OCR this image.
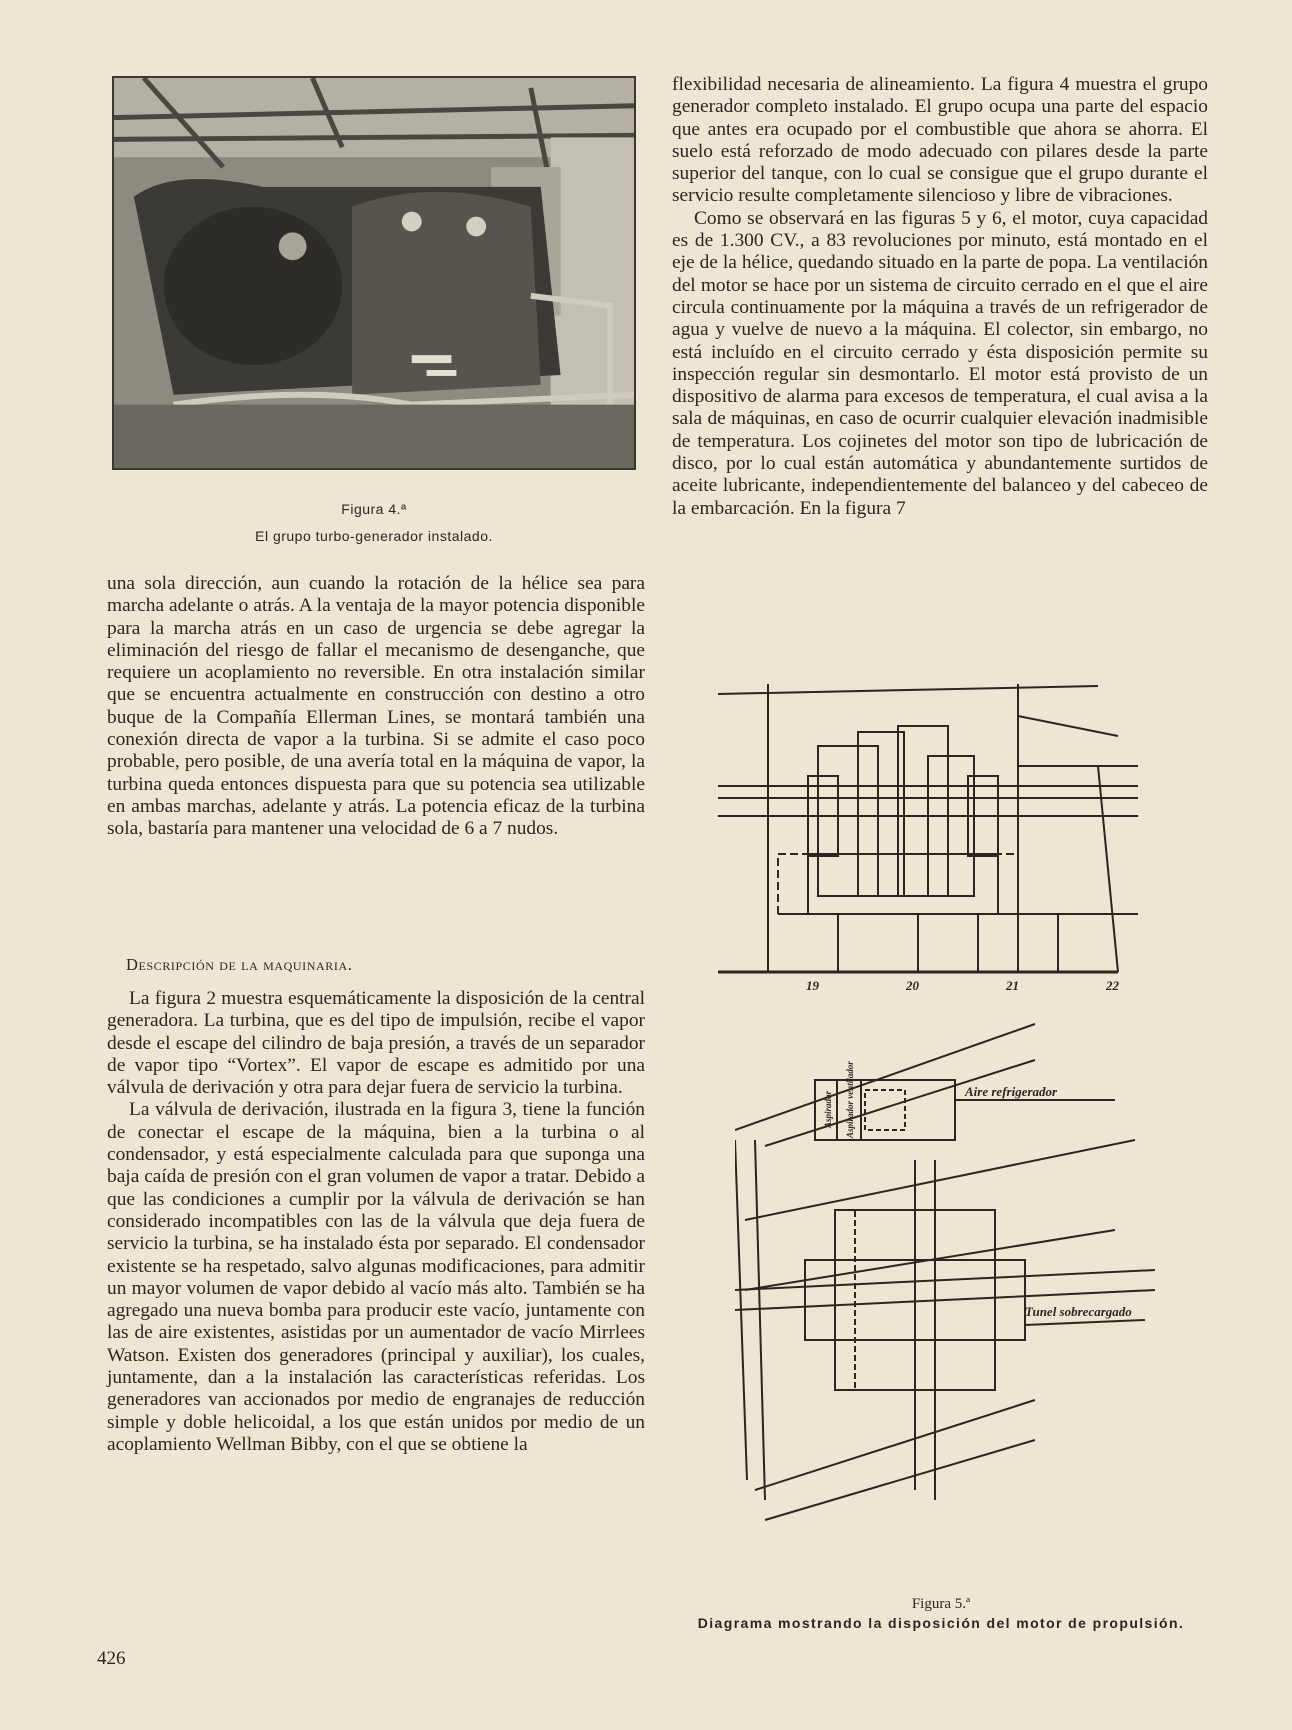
Figura 4.ª
El grupo turbo-generador instalado.

una sola dirección, aun cuando la rotación de la hélice sea para marcha adelante o atrás. A la ventaja de la mayor potencia disponible para la marcha atrás en un caso de urgencia se debe agregar la eliminación del riesgo de fallar el mecanismo de desenganche, que requiere un acoplamiento no reversible. En otra instalación similar que se encuentra actualmente en construcción con destino a otro buque de la Compañía Ellerman Lines, se montará también una conexión directa de vapor a la turbina. Si se admite el caso poco probable, pero posible, de una avería total en la máquina de vapor, la turbina queda entonces dispuesta para que su potencia sea utilizable en ambas marchas, adelante y atrás. La potencia eficaz de la turbina sola, bastaría para mantener una velocidad de 6 a 7 nudos.

Descripción de la maquinaria.

La figura 2 muestra esquemáticamente la disposición de la central generadora. La turbina, que es del tipo de impulsión, recibe el vapor desde el escape del cilindro de baja presión, a través de un separador de vapor tipo “Vortex”. El vapor de escape es admitido por una válvula de derivación y otra para dejar fuera de servicio la turbina.

La válvula de derivación, ilustrada en la figura 3, tiene la función de conectar el escape de la máquina, bien a la turbina o al condensador, y está especialmente calculada para que suponga una baja caída de presión con el gran volumen de vapor a tratar. Debido a que las condiciones a cumplir por la válvula de derivación se han considerado incompatibles con las de la válvula que deja fuera de servicio la turbina, se ha instalado ésta por separado. El condensador existente se ha respetado, salvo algunas modificaciones, para admitir un mayor volumen de vapor debido al vacío más alto. También se ha agregado una nueva bomba para producir este vacío, juntamente con las de aire existentes, asistidas por un aumentador de vacío Mirrlees Watson. Existen dos generadores (principal y auxiliar), los cuales, juntamente, dan a la instalación las características referidas. Los generadores van accionados por medio de engranajes de reducción simple y doble helicoidal, a los que están unidos por medio de un acoplamiento Wellman Bibby, con el que se obtiene la

flexibilidad necesaria de alineamiento. La figura 4 muestra el grupo generador completo instalado. El grupo ocupa una parte del espacio que antes era ocupado por el combustible que ahora se ahorra. El suelo está reforzado de modo adecuado con pilares desde la parte superior del tanque, con lo cual se consigue que el grupo durante el servicio resulte completamente silencioso y libre de vibraciones.

Como se observará en las figuras 5 y 6, el motor, cuya capacidad es de 1.300 CV., a 83 revoluciones por minuto, está montado en el eje de la hélice, quedando situado en la parte de popa. La ventilación del motor se hace por un sistema de circuito cerrado en el que el aire circula continuamente por la máquina a través de un refrigerador de agua y vuelve de nuevo a la máquina. El colector, sin embargo, no está incluído en el circuito cerrado y ésta disposición permite su inspección regular sin desmontarlo. El motor está provisto de un dispositivo de alarma para excesos de temperatura, el cual avisa a la sala de máquinas, en caso de ocurrir cualquier elevación inadmisible de temperatura. Los cojinetes del motor son tipo de lubricación de disco, por lo cual están automática y abundantemente surtidos de aceite lubricante, independientemente del balanceo y del cabeceo de la embarcación. En la figura 7

19	20	21	22
Aire refrigerador
Tunel sobrecargado
Aspirador Aspirador ventilador
Figura 5.ª
Diagrama mostrando la disposición del motor de propulsión.
426
